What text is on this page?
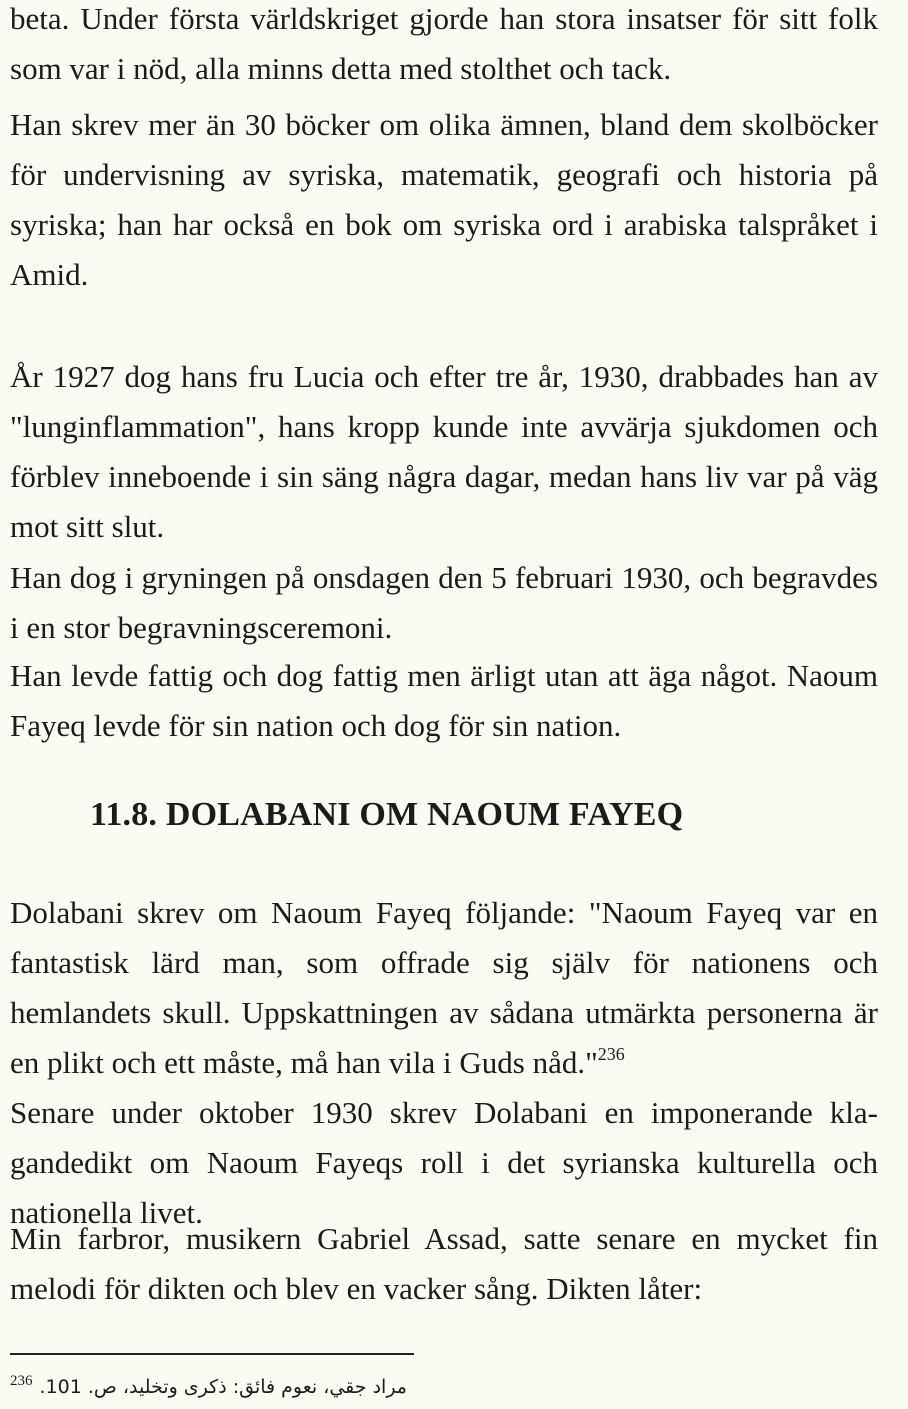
beta. Under första världskriget gjorde han stora insatser för sitt folk som var i nöd, alla minns detta med stolthet och tack.

Han skrev mer än 30 böcker om olika ämnen, bland dem skolböcker för undervisning av syriska, matematik, geografi och historia på syriska; han har också en bok om syriska ord i arabiska talspråket i Amid.

År 1927 dog hans fru Lucia och efter tre år, 1930, drabbades han av "lunginflammation", hans kropp kunde inte avvärja sjukdomen och förblev inneboende i sin säng några dagar, medan hans liv var på väg mot sitt slut.

Han dog i gryningen på onsdagen den 5 februari 1930, och begravdes i en stor begravningsceremoni.

Han levde fattig och dog fattig men ärligt utan att äga något. Naoum Fayeq levde för sin nation och dog för sin nation.

11.8. DOLABANI OM NAOUM FAYEQ

Dolabani skrev om Naoum Fayeq följande: "Naoum Fayeq var en fantastisk lärd man, som offrade sig själv för nationens och hemlandets skull. Uppskattningen av sådana utmärkta personerna är en plikt och ett måste, må han vila i Guds nåd."$^{236}$

Senare under oktober 1930 skrev Dolabani en imponerande klagandedikt om Naoum Fayeqs roll i det syrianska kulturella och nationella livet.

Min farbror, musikern Gabriel Assad, satte senare en mycket fin melodi för dikten och blev en vacker sång. Dikten låter:

$^{236}$ مراد جقي، نعوم فائق: ذكرى وتخليد، ص. 101.
